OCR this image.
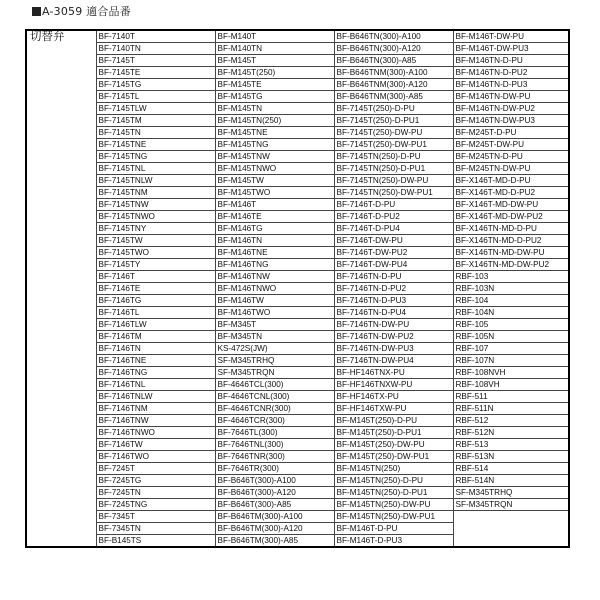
A-3059 適合品番
切替弁	BF-7140T	BF-M140T	BF-B646TN(300)-A100	BF-M146T-DW-PU
	BF-7140TN	BF-M140TN	BF-B646TN(300)-A120	BF-M146T-DW-PU3
	BF-7145T	BF-M145T	BF-B646TN(300)-A85	BF-M146TN-D-PU
	BF-7145TE	BF-M145T(250)	BF-B646TNM(300)-A100	BF-M146TN-D-PU2
	BF-7145TG	BF-M145TE	BF-B646TNM(300)-A120	BF-M146TN-D-PU3
	BF-7145TL	BF-M145TG	BF-B646TNM(300)-A85	BF-M146TN-DW-PU
	BF-7145TLW	BF-M145TN	BF-7145T(250)-D-PU	BF-M146TN-DW-PU2
	BF-7145TM	BF-M145TN(250)	BF-7145T(250)-D-PU1	BF-M146TN-DW-PU3
	BF-7145TN	BF-M145TNE	BF-7145T(250)-DW-PU	BF-M245T-D-PU
	BF-7145TNE	BF-M145TNG	BF-7145T(250)-DW-PU1	BF-M245T-DW-PU
	BF-7145TNG	BF-M145TNW	BF-7145TN(250)-D-PU	BF-M245TN-D-PU
	BF-7145TNL	BF-M145TNWO	BF-7145TN(250)-D-PU1	BF-M245TN-DW-PU
	BF-7145TNLW	BF-M145TW	BF-7145TN(250)-DW-PU	BF-X146T-MD-D-PU
	BF-7145TNM	BF-M145TWO	BF-7145TN(250)-DW-PU1	BF-X146T-MD-D-PU2
	BF-7145TNW	BF-M146T	BF-7146T-D-PU	BF-X146T-MD-DW-PU
	BF-7145TNWO	BF-M146TE	BF-7146T-D-PU2	BF-X146T-MD-DW-PU2
	BF-7145TNY	BF-M146TG	BF-7146T-D-PU4	BF-X146TN-MD-D-PU
	BF-7145TW	BF-M146TN	BF-7146T-DW-PU	BF-X146TN-MD-D-PU2
	BF-7145TWO	BF-M146TNE	BF-7146T-DW-PU2	BF-X146TN-MD-DW-PU
	BF-7145TY	BF-M146TNG	BF-7146T-DW-PU4	BF-X146TN-MD-DW-PU2
	BF-7146T	BF-M146TNW	BF-7146TN-D-PU	RBF-103
	BF-7146TE	BF-M146TNWO	BF-7146TN-D-PU2	RBF-103N
	BF-7146TG	BF-M146TW	BF-7146TN-D-PU3	RBF-104
	BF-7146TL	BF-M146TWO	BF-7146TN-D-PU4	RBF-104N
	BF-7146TLW	BF-M345T	BF-7146TN-DW-PU	RBF-105
	BF-7146TM	BF-M345TN	BF-7146TN-DW-PU2	RBF-105N
	BF-7146TN	KS-472S(JW)	BF-7146TN-DW-PU3	RBF-107
	BF-7146TNE	SF-M345TRHQ	BF-7146TN-DW-PU4	RBF-107N
	BF-7146TNG	SF-M345TRQN	BF-HF146TNX-PU	RBF-108NVH
	BF-7146TNL	BF-4646TCL(300)	BF-HF146TNXW-PU	RBF-108VH
	BF-7146TNLW	BF-4646TCNL(300)	BF-HF146TX-PU	RBF-511
	BF-7146TNM	BF-4646TCNR(300)	BF-HF146TXW-PU	RBF-511N
	BF-7146TNW	BF-4646TCR(300)	BF-M145T(250)-D-PU	RBF-512
	BF-7146TNWO	BF-7646TL(300)	BF-M145T(250)-D-PU1	RBF-512N
	BF-7146TW	BF-7646TNL(300)	BF-M145T(250)-DW-PU	RBF-513
	BF-7146TWO	BF-7646TNR(300)	BF-M145T(250)-DW-PU1	RBF-513N
	BF-7245T	BF-7646TR(300)	BF-M145TN(250)	RBF-514
	BF-7245TG	BF-B646T(300)-A100	BF-M145TN(250)-D-PU	RBF-514N
	BF-7245TN	BF-B646T(300)-A120	BF-M145TN(250)-D-PU1	SF-M345TRHQ
	BF-7245TNG	BF-B646T(300)-A85	BF-M145TN(250)-DW-PU	SF-M345TRQN
	BF-7345T	BF-B646TM(300)-A100	BF-M145TN(250)-DW-PU1	
	BF-7345TN	BF-B646TM(300)-A120	BF-M146T-D-PU	
	BF-B145TS	BF-B646TM(300)-A85	BF-M146T-D-PU3	
